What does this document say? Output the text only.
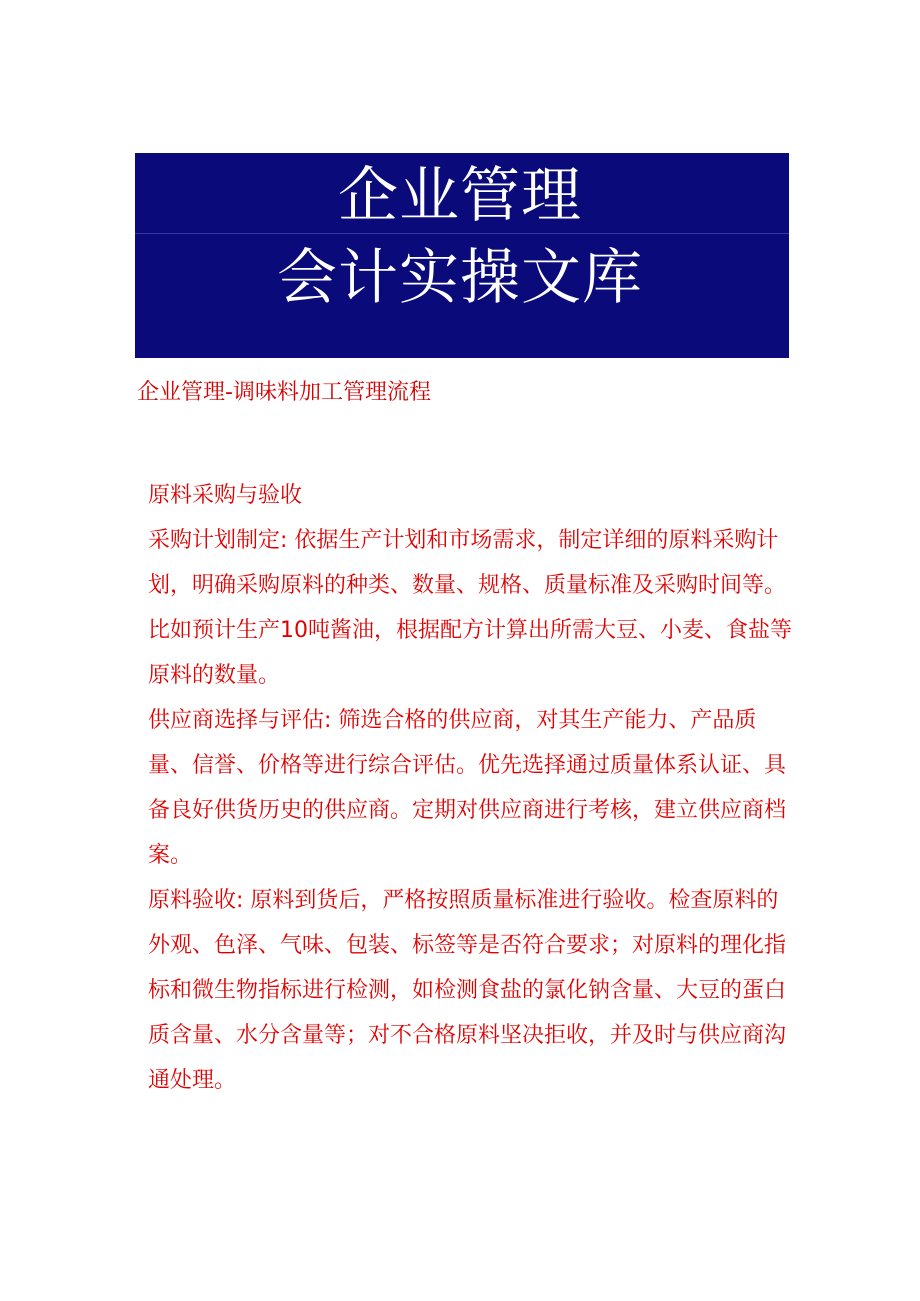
企业管理
会计实操文库
企业管理-调味料加工管理流程

原料采购与验收

采购计划制定: 依据生产计划和市场需求，制定详细的原料采购计划，明确采购原料的种类、数量、规格、质量标准及采购时间等。比如预计生产10吨酱油，根据配方计算出所需大豆、小麦、食盐等原料的数量。

供应商选择与评估: 筛选合格的供应商，对其生产能力、产品质量、信誉、价格等进行综合评估。优先选择通过质量体系认证、具备良好供货历史的供应商。定期对供应商进行考核，建立供应商档案。

原料验收: 原料到货后，严格按照质量标准进行验收。检查原料的外观、色泽、气味、包装、标签等是否符合要求；对原料的理化指标和微生物指标进行检测，如检测食盐的氯化钠含量、大豆的蛋白质含量、水分含量等；对不合格原料坚决拒收，并及时与供应商沟通处理。
